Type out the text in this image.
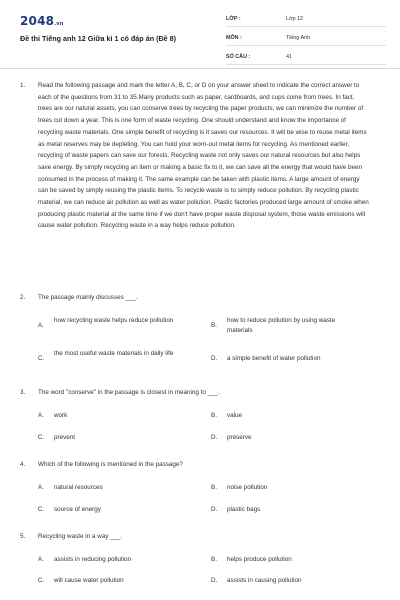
2048.vn
Đề thi Tiếng anh 12 Giữa kì 1 có đáp án (Đề 8)
LỚP :	Lớp 12
MÔN :	Tiếng Anh
SỐ CÂU :	41
1. Read the following passage and mark the letter A, B, C, or D on your answer sheet to indicate the correct answer to each of the questions from 31 to 35.Many products such as paper, cardboards, and cups come from trees. In fact, trees are our natural assets, you can conserve trees by recycling the paper products, we can minimize the number of trees cut down a year. This is one form of waste recycling. One should understand and know the importance of recycling waste materials. One simple benefit of recycling is it saves our resources. It will be wise to reuse metal items as metal reserves may be depleting. You can hold your worn-out metal items for recycling. As mentioned earlier, recycling of waste papers can save our forests. Recycling waste not only saves our natural resources but also helps save energy. By simply recycling an item or making a basic fix to it, we can save all the energy that would have been consumed in the process of making it. The same example can be taken with plastic items. A large amount of energy can be saved by simply reusing the plastic items. To recycle waste is to simply reduce pollution. By recycling plastic material, we can reduce air pollution as well as water pollution. Plastic factories produced large amount of smoke when producing plastic material at the same time if we don't have proper waste disposal system, those waste emissions will cause water pollution. Recycling waste in a way helps reduce pollution.
2. The passage mainly discusses ___.
A.
how recycling waste helps reduce pollution
B.
how to reduce pollution by using waste materials
C.
the most useful waste materials in daily life
D. a simple benefit of water pollution
3. The word "conserve" in the passage is closest in meaning to ___.
A. work	B. value
C. prevent	D. preserve
4. Which of the following is mentioned in the passage?
A. natural resources	B. noise pollution
C. source of energy	D. plastic bags
5. Recycling waste in a way ___.
A. assists in reducing pollution	B. helps produce pollution
C. will cause water pollution	D. assists in causing pollution
